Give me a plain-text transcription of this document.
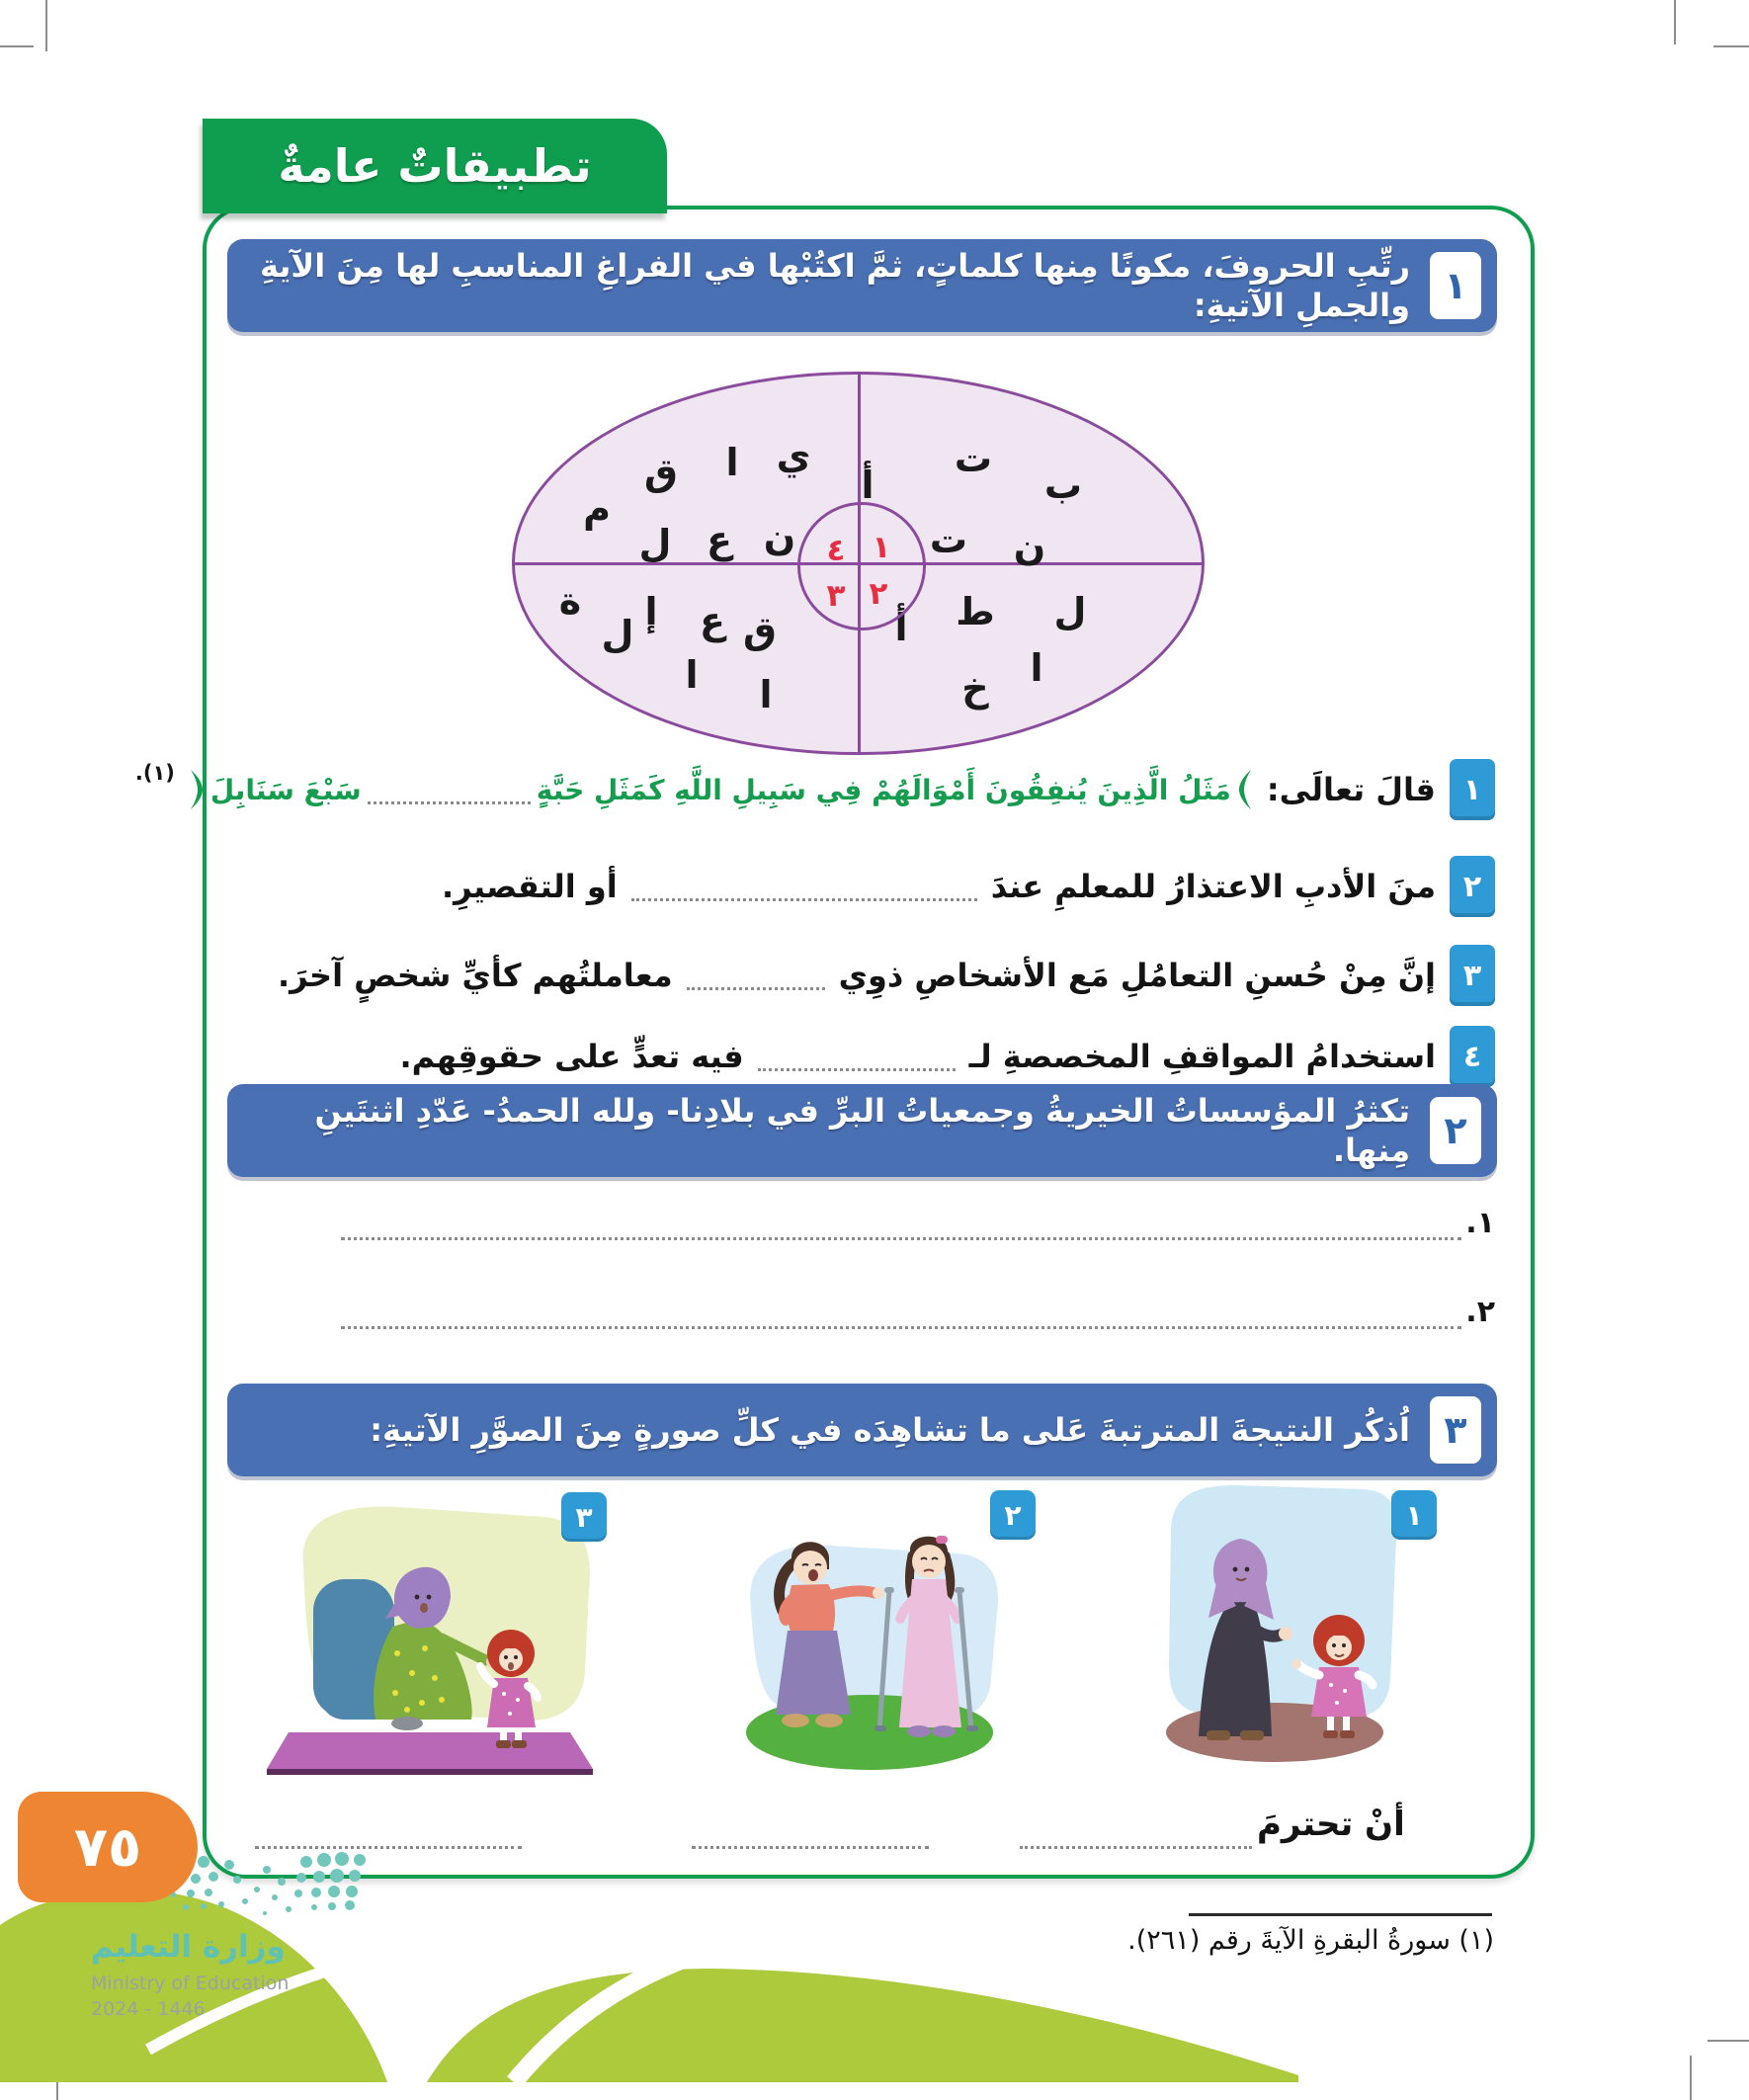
تطبيقاتٌ عامةٌ
١
رتِّبِ الحروفَ، مكونًا مِنها كلماتٍ، ثمَّ اكتُبْها في الفراغِ المناسبِ لها مِنَ الآيةِ والجملِ الآتيةِ:
ي
ا
ق
م
ل ع ن
أ
ت
ت
ب
ن
ة
ل
إ ع ق
ا ا
أ ط ل
ا
خ
١
٤
٢
٣
١
قالَ تعالَى:
مَثَلُ الَّذِينَ يُنفِقُونَ أَمْوَالَهُمْ فِي سَبِيلِ اللَّهِ كَمَثَلِ حَبَّةٍ
سَبْعَ سَنَابِلَ
(١).
٢
منَ الأدبِ الاعتذارُ للمعلمِ عندَ
أو التقصيرِ.
٣
إنَّ مِنْ حُسنِ التعامُلِ مَع الأشخاصِ ذوِي
معاملتُهم كأيِّ شخصٍ آخرَ.
٤
استخدامُ المواقفِ المخصصةِ لـ
فيه تعدٍّ على حقوقِهم.
٢
تكثرُ المؤسساتُ الخيريةُ وجمعياتُ البرِّ في بلادِنا- ولله الحمدُ- عَدّدِ اثنتَينِ مِنها.
١.
٢.
٣
اُذكُر النتيجةَ المترتبةَ عَلى ما تشاهِدَه في كلِّ صورةٍ مِنَ الصوَّرِ الآتيةِ:
١
٢
٣
أنْ تحترمَ
(١) سورةُ البقرةِ الآيةَ رقم (٢٦١).
٧٥
وزارة التعليم
Ministry of Education
2024 - 1446
